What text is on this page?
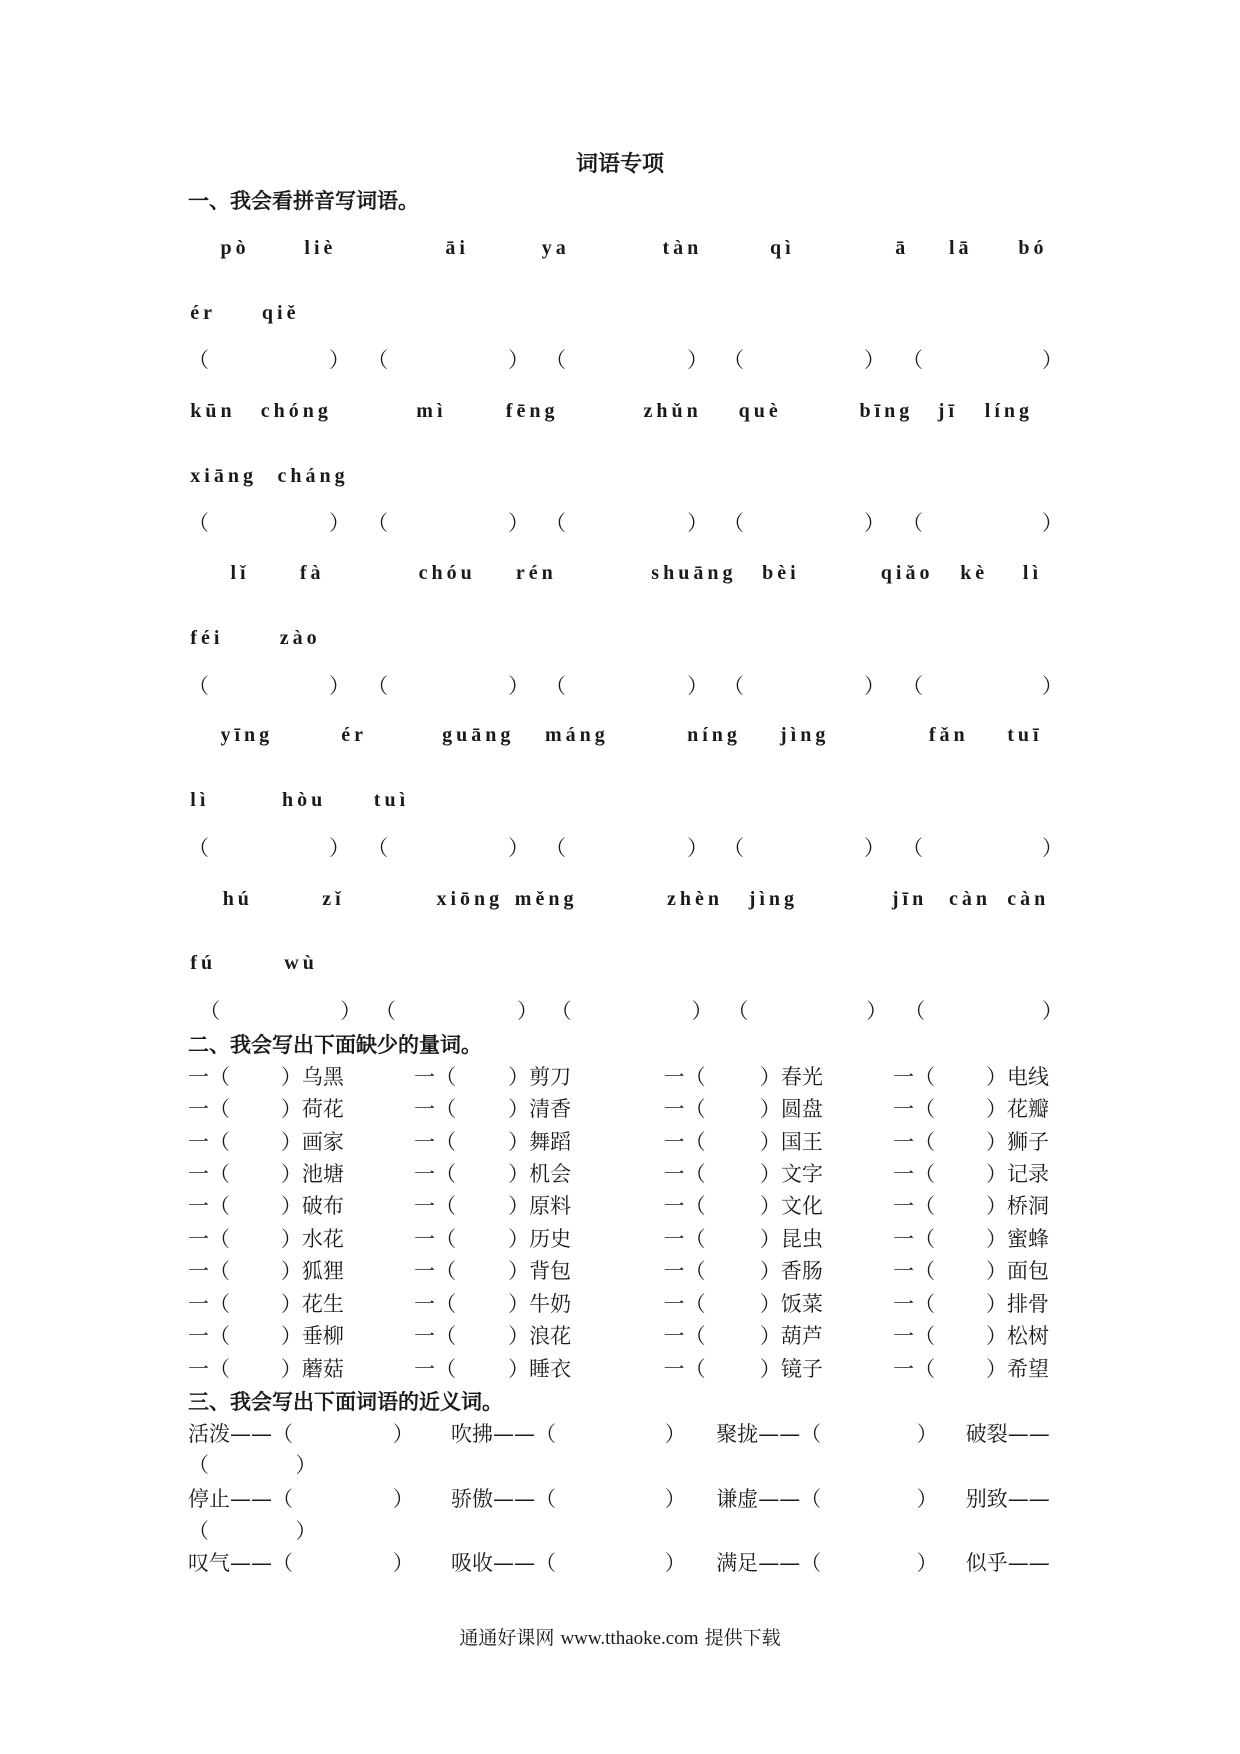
词语专项
一、我会看拼音写词语。
pò	liè	āi	ya	tàn	qì	ā lā bó
ér qiě
（	） （	） （	） （	） （	）
kūn chóng	mì	fēng	zhǔn què	bīng jī líng
xiāng cháng
（	） （	） （	） （	） （	）
lǐ	fà	chóu rén	shuāng bèi	qiǎo kè lì
féi	zào
（	） （	） （	） （	） （	）
yīng	ér	guāng máng	níng jìng	fǎn tuī
lì	hòu tuì
（	） （	） （	） （	） （	）
hú	zǐ	xiōng měng	zhèn jìng	jīn càn càn
fú	wù
（	） （	） （	） （	） （	）
二、我会写出下面缺少的量词。
一（ ）乌黑	一（ ）剪刀	一（	）春光	一（ ）电线
一（ ）荷花	一（ ）清香	一（	）圆盘	一（ ）花瓣
一（ ）画家	一（ ）舞蹈	一（	）国王	一（ ）狮子
一（ ）池塘	一（ ）机会	一（	）文字	一（ ）记录
一（ ）破布	一（ ）原料	一（	）文化	一（ ）桥洞
一（ ）水花	一（ ）历史	一（	）昆虫	一（ ）蜜蜂
一（ ）狐狸	一（ ）背包	一（	）香肠	一（ ）面包
一（ ）花生	一（ ）牛奶	一（	）饭菜	一（ ）排骨
一（ ）垂柳	一（ ）浪花	一（	）葫芦	一（ ）松树
一（ ）蘑菇	一（ ）睡衣	一（	）镜子	一（ ）希望
三、我会写出下面词语的近义词。
活泼——（	） 吹拂——（	） 聚拢——（	） 破裂——
（	）
停止——（	） 骄傲——（	） 谦虚——（	） 别致——
（	）
叹气——（	） 吸收——（	） 满足——（	） 似乎——
通通好课网 www.tthaoke.com 提供下载
